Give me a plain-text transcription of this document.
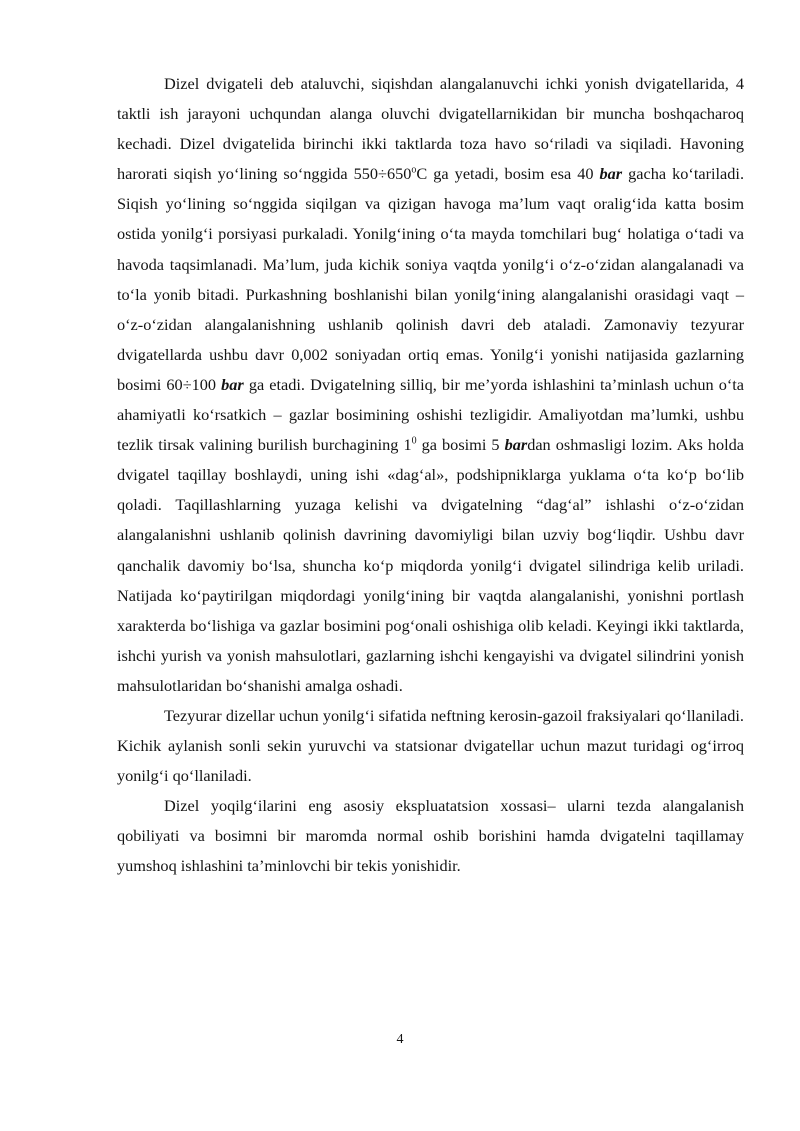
Dizel dvigateli deb ataluvchi, siqishdan alangalanuvchi ichki yonish dvigatellarida, 4 taktli ish jarayoni uchqundan alanga oluvchi dvigatellarnikidan bir muncha boshqacharoq kechadi. Dizel dvigatelida birinchi ikki taktlarda toza havo so‘riladi va siqiladi. Havoning harorati siqish yo‘lining so‘nggida $550\div 650^oC$ ga yetadi, bosim esa 40 bar gacha ko‘tariladi. Siqish yo‘lining so‘nggida siqilgan va qizigan havoga ma’lum vaqt oralig‘ida katta bosim ostida yonilg‘i porsiyasi purkaladi. Yonilg‘ining o‘ta mayda tomchilari bug‘ holatiga o‘tadi va havoda taqsimlanadi. Ma’lum, juda kichik soniya vaqtda yonilg‘i o‘z-o‘zidan alangalanadi va to‘la yonib bitadi. Purkashning boshlanishi bilan yonilg‘ining alangalanishi orasidagi vaqt – o‘z-o‘zidan alangalanishning ushlanib qolinish davri deb ataladi. Zamonaviy tezyurar dvigatellarda ushbu davr 0,002 soniyadan ortiq emas. Yonilg‘i yonishi natijasida gazlarning bosimi 60÷100 bar ga etadi. Dvigatelning silliq, bir me’yorda ishlashini ta’minlash uchun o‘ta ahamiyatli ko‘rsatkich – gazlar bosimining oshishi tezligidir. Amaliyotdan ma’lumki, ushbu tezlik tirsak valining burilish burchagining $1^0$ ga bosimi 5 bardan oshmasligi lozim. Aks holda dvigatel taqillay boshlaydi, uning ishi «dag‘al», podshipniklarga yuklama o‘ta ko‘p bo‘lib qoladi. Taqillashlarning yuzaga kelishi va dvigatelning “dag‘al” ishlashi o‘z-o‘zidan alangalanishni ushlanib qolinish davrining davomiyligi bilan uzviy bog‘liqdir. Ushbu davr qanchalik davomiy bo‘lsa, shuncha ko‘p miqdorda yonilg‘i dvigatel silindriga kelib uriladi. Natijada ko‘paytirilgan miqdordagi yonilg‘ining bir vaqtda alangalanishi, yonishni portlash xarakterda bo‘lishiga va gazlar bosimini pog‘onali oshishiga olib keladi. Keyingi ikki taktlarda, ishchi yurish va yonish mahsulotlari, gazlarning ishchi kengayishi va dvigatel silindrini yonish mahsulotlaridan bo‘shanishi amalga oshadi.

Tezyurar dizellar uchun yonilg‘i sifatida neftning kerosin-gazoil fraksiyalari qo‘llaniladi. Kichik aylanish sonli sekin yuruvchi va statsionar dvigatellar uchun mazut turidagi og‘irroq yonilg‘i qo‘llaniladi.

Dizel yoqilg‘ilarini eng asosiy ekspluatatsion xossasi– ularni tezda alangalanish qobiliyati va bosimni bir maromda normal oshib borishini hamda dvigatelni taqillamay yumshoq ishlashini ta’minlovchi bir tekis yonishidir.

4
